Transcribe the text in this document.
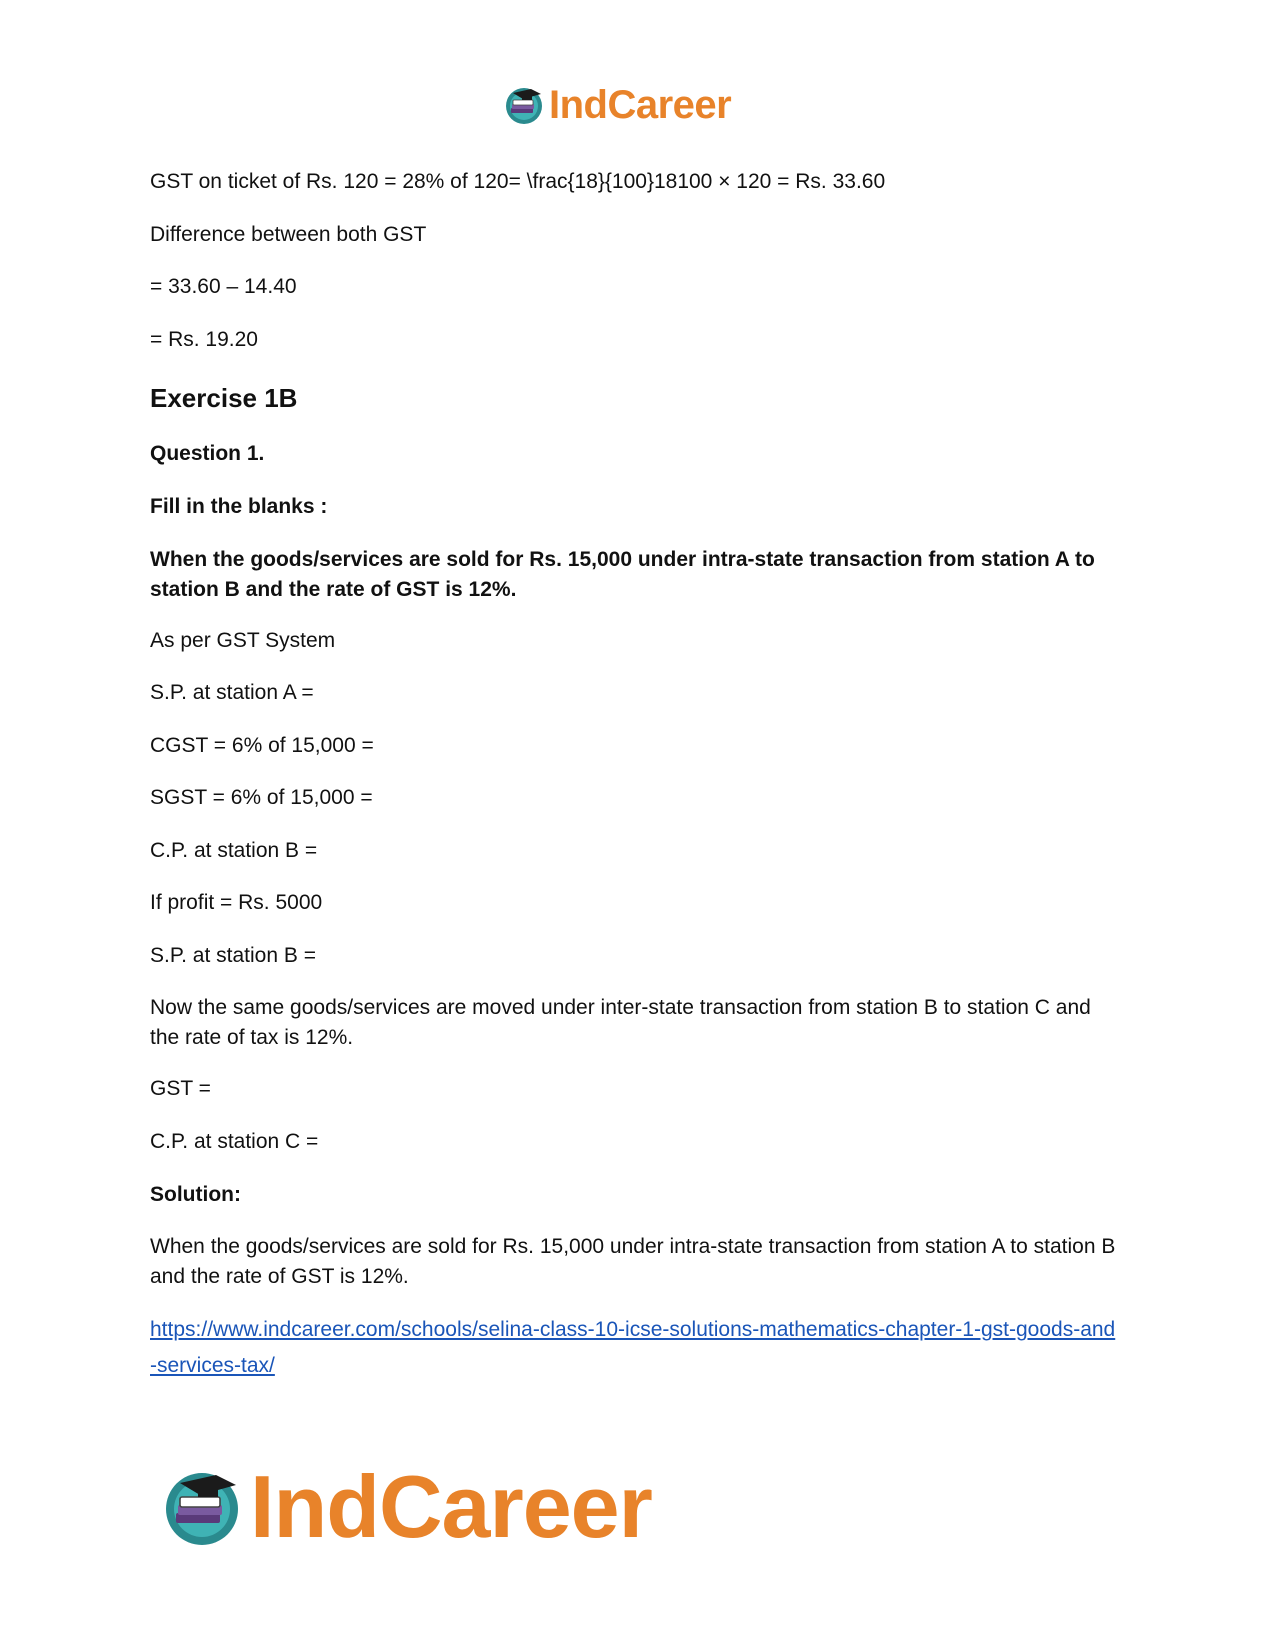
IndCareer
GST on ticket of Rs. 120 = 28% of 120= \frac{18}{100}18100 × 120 = Rs. 33.60
Difference between both GST
= 33.60 – 14.40
= Rs. 19.20
Exercise 1B
Question 1.
Fill in the blanks :
When the goods/services are sold for Rs. 15,000 under intra-state transaction from station A to station B and the rate of GST is 12%.
As per GST System
S.P. at station A =
CGST = 6% of 15,000 =
SGST = 6% of 15,000 =
C.P. at station B =
If profit = Rs. 5000
S.P. at station B =
Now the same goods/services are moved under inter-state transaction from station B to station C and the rate of tax is 12%.
GST =
C.P. at station C =
Solution:
When the goods/services are sold for Rs. 15,000 under intra-state transaction from station A to station B and the rate of GST is 12%.
https://www.indcareer.com/schools/selina-class-10-icse-solutions-mathematics-chapter-1-gst-goods-and-services-tax/
IndCareer
